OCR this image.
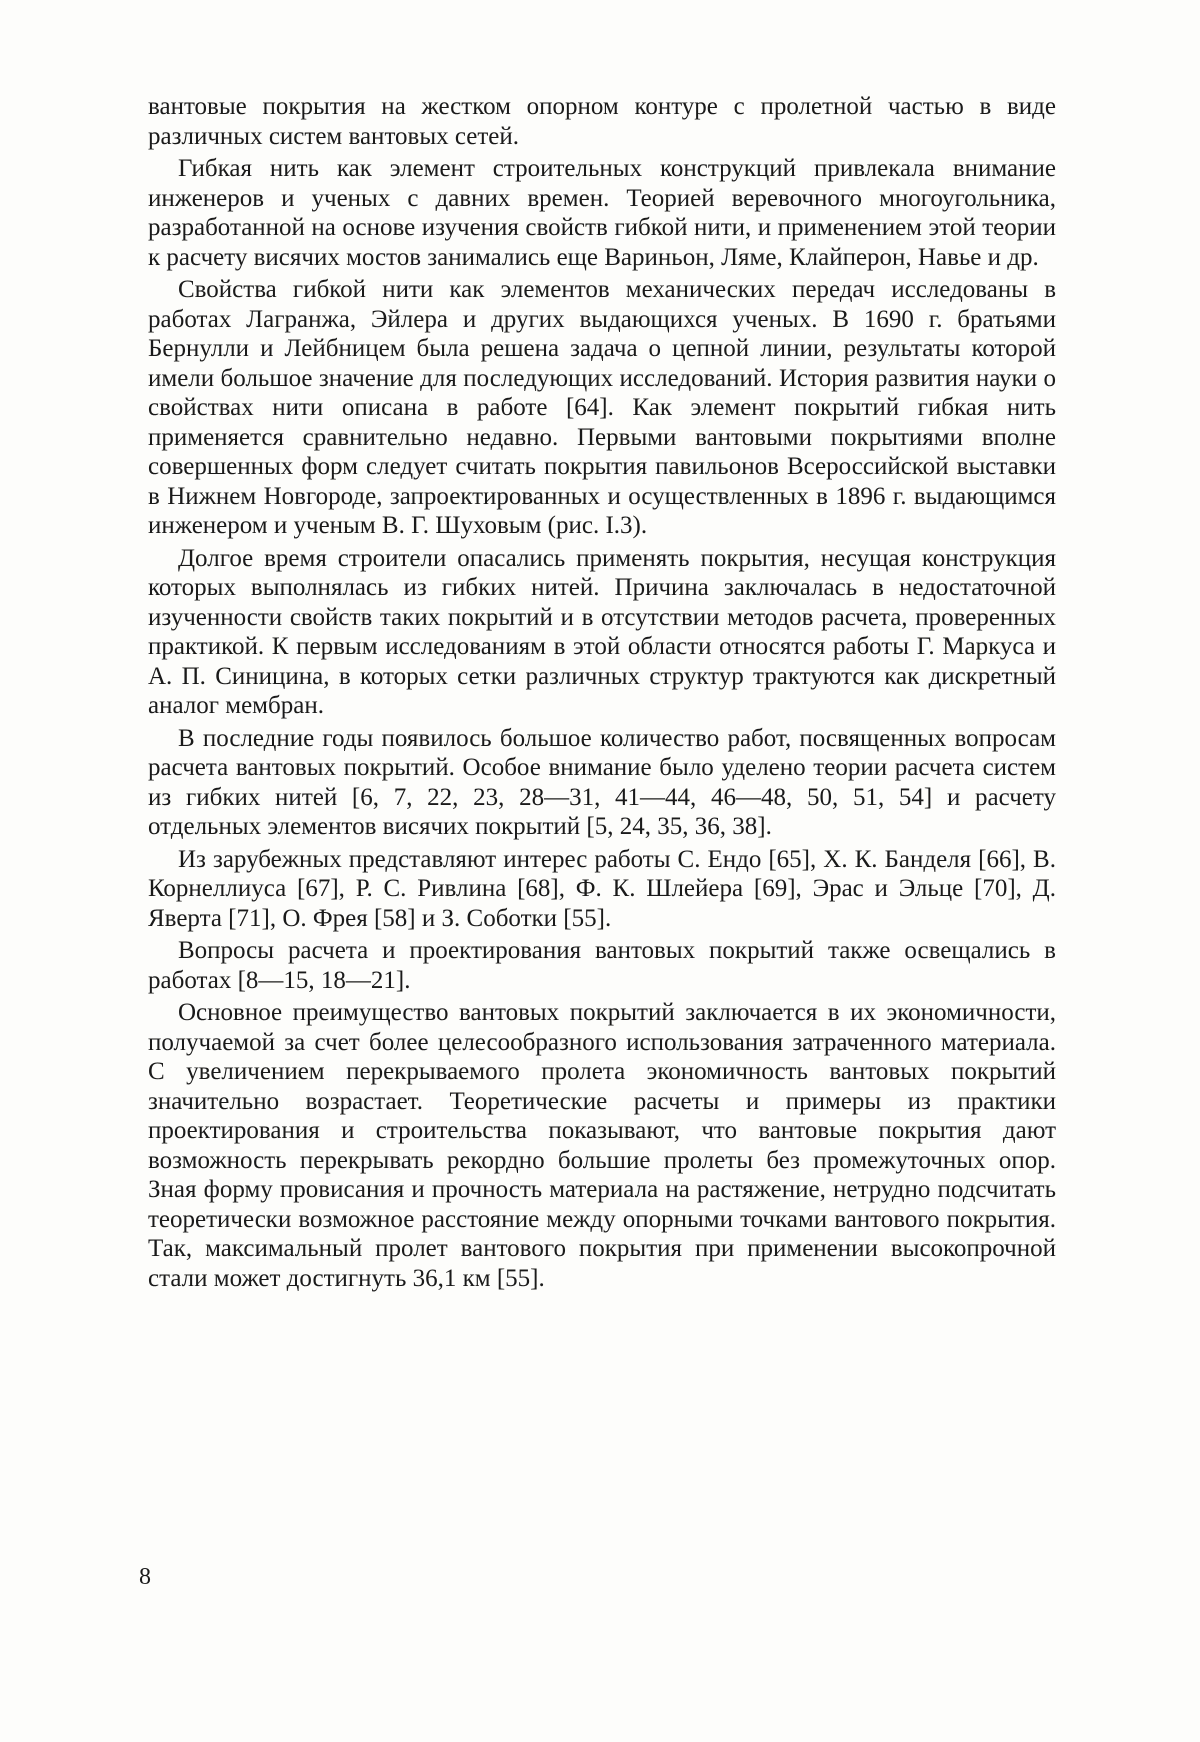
вантовые покрытия на жестком опорном контуре с пролетной частью в виде различных систем вантовых сетей.

Гибкая нить как элемент строительных конструкций привлекала внимание инженеров и ученых с давних времен. Теорией веревочного многоугольника, разработанной на основе изучения свойств гибкой нити, и применением этой теории к расчету висячих мостов занимались еще Вариньон, Ляме, Клайперон, Навье и др.

Свойства гибкой нити как элементов механических передач исследованы в работах Лагранжа, Эйлера и других выдающихся ученых. В 1690 г. братьями Бернулли и Лейбницем была решена задача о цепной линии, результаты которой имели большое значение для последующих исследований. История развития науки о свойствах нити описана в работе [64]. Как элемент покрытий гибкая нить применяется сравнительно недавно. Первыми вантовыми покрытиями вполне совершенных форм следует считать покрытия павильонов Всероссийской выставки в Нижнем Новгороде, запроектированных и осуществленных в 1896 г. выдающимся инженером и ученым В. Г. Шуховым (рис. I.3).

Долгое время строители опасались применять покрытия, несущая конструкция которых выполнялась из гибких нитей. Причина заключалась в недостаточной изученности свойств таких покрытий и в отсутствии методов расчета, проверенных практикой. К первым исследованиям в этой области относятся работы Г. Маркуса и А. П. Синицина, в которых сетки различных структур трактуются как дискретный аналог мембран.

В последние годы появилось большое количество работ, посвященных вопросам расчета вантовых покрытий. Особое внимание было уделено теории расчета систем из гибких нитей [6, 7, 22, 23, 28—31, 41—44, 46—48, 50, 51, 54] и расчету отдельных элементов висячих покрытий [5, 24, 35, 36, 38].

Из зарубежных представляют интерес работы С. Ендо [65], Х. К. Банделя [66], В. Корнеллиуса [67], Р. С. Ривлина [68], Ф. К. Шлейера [69], Эрас и Эльце [70], Д. Яверта [71], О. Фрея [58] и З. Соботки [55].

Вопросы расчета и проектирования вантовых покрытий также освещались в работах [8—15, 18—21].

Основное преимущество вантовых покрытий заключается в их экономичности, получаемой за счет более целесообразного использования затраченного материала. С увеличением перекрываемого пролета экономичность вантовых покрытий значительно возрастает. Теоретические расчеты и примеры из практики проектирования и строительства показывают, что вантовые покрытия дают возможность перекрывать рекордно большие пролеты без промежуточных опор. Зная форму провисания и прочность материала на растяжение, нетрудно подсчитать теоретически возможное расстояние между опорными точками вантового покрытия. Так, максимальный пролет вантового покрытия при применении высокопрочной стали может достигнуть 36,1 км [55].

8
